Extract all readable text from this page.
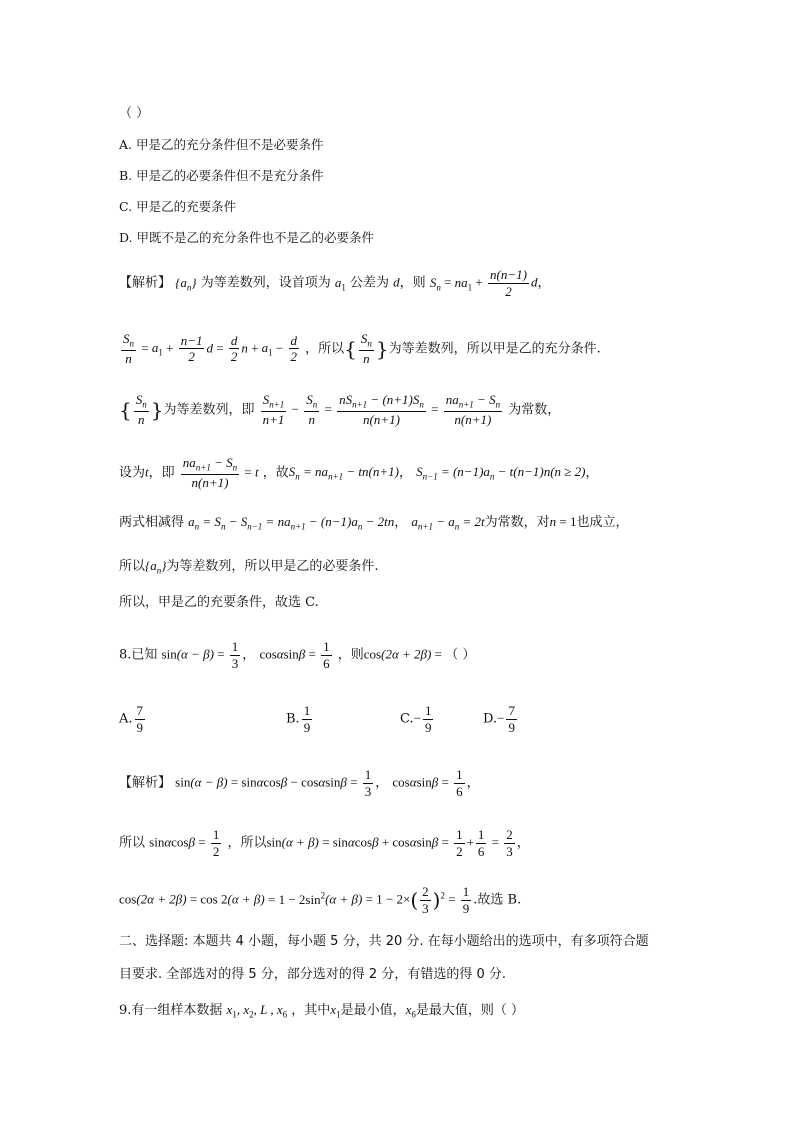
（ ）
A. 甲是乙的充分条件但不是必要条件
B. 甲是乙的必要条件但不是充分条件
C. 甲是乙的充要条件
D. 甲既不是乙的充分条件也不是乙的必要条件
【解析】 $\{a_n\}$ 为等差数列，设首项为 $a_1$ 公差为 d，则 $S_n = na_1 + \frac{n(n-1)}{2}$ d，
$\frac{S_n}{n} = a_1 + \frac{n-1}{2}$ $d = \frac{d}{2}$ $n + a_1 - \frac{d}{2}$ ，所以{ $\frac{S_n}{n}$ }为等差数列，所以甲是乙的充分条件.
{ $\frac{S_n}{n}$ }为等差数列，即 $\frac{S_{n+1}}{n+1} - \frac{S_n}{n} = \frac{nS_{n+1} - (n+1)S_n}{n(n+1)} = \frac{na_{n+1} - S_n}{n(n+1)}$ 为常数，
设为t，即 $\frac{na_{n+1} - S_n}{n(n+1)} = t$ ，故$S_n = na_{n+1} - tn(n+1)$， $S_{n-1} = (n-1)a_n - t(n-1)n(n \ge 2)$，
两式相减得 $a_n = S_n - S_{n-1} = na_{n+1} - (n-1)a_n - 2tn$， $a_{n+1} - a_n = 2t$为常数，对n = 1也成立，
所以$\{a_n\}$为等差数列，所以甲是乙的必要条件.
所以，甲是乙的充要条件，故选 C.
8.已知 $\sin(\alpha - \beta) = \frac{1}{3}$ ， $\cos\alpha\sin\beta = \frac{1}{6}$ ，则cos(2α + 2β) = （ ）
A. $\frac{7}{9}$	B. $\frac{1}{9}$	$C.- \frac{1}{9}$	$D.- \frac{7}{9}$
【解析】 $\sin(\alpha - \beta) = \sin\alpha\cos\beta - \cos\alpha\sin\beta = \frac{1}{3}$ ， $\cos\alpha\sin\beta = \frac{1}{6}$ ，
所以 $\sin\alpha\cos\beta = \frac{1}{2}$ ，所以$\sin(\alpha + \beta) = \sin\alpha\cos\beta + \cos\alpha\sin\beta = \frac{1}{2} + \frac{1}{6} = \frac{2}{3}$ ，
$\cos(2\alpha + 2\beta) = \cos 2(\alpha + \beta) = 1 - 2\sin^2(\alpha + \beta) = 1 - 2\times( \frac{2}{3} )^2 = \frac{1}{9}$ .故选 B.
二、选择题: 本题共 4 小题，每小题 5 分，共 20 分. 在每小题给出的选项中，有多项符合题
目要求. 全部选对的得 5 分，部分选对的得 2 分，有错选的得 0 分.
9.有一组样本数据 $x_1$, $x_2$, L , $x_6$ ，其中$x_1$是最小值，$x_6$是最大值，则（ ）
